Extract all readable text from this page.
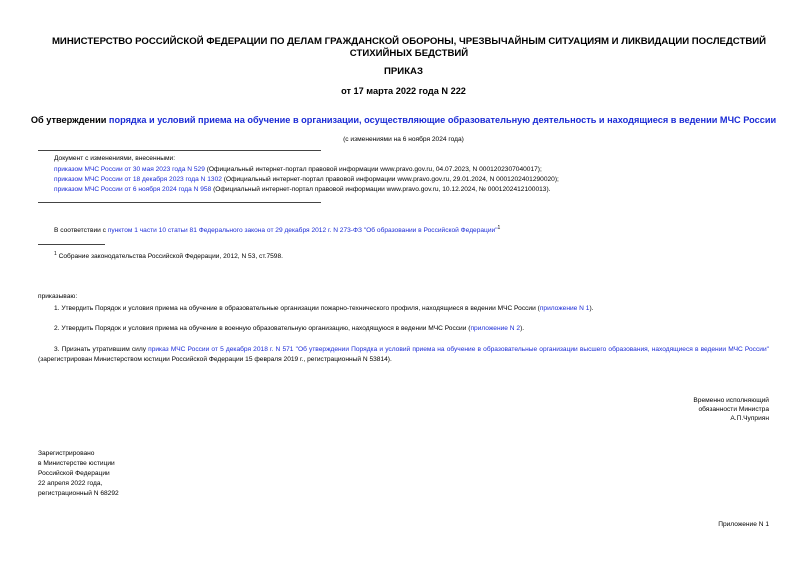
МИНИСТЕРСТВО РОССИЙСКОЙ ФЕДЕРАЦИИ ПО ДЕЛАМ ГРАЖДАНСКОЙ ОБОРОНЫ, ЧРЕЗВЫЧАЙНЫМ СИТУАЦИЯМ И ЛИКВИДАЦИИ ПОСЛЕДСТВИЙ СТИХИЙНЫХ БЕДСТВИЙ
ПРИКАЗ
от 17 марта 2022 года N 222
Об утверждении порядка и условий приема на обучение в организации, осуществляющие образовательную деятельность и находящиеся в ведении МЧС России
(с изменениями на 6 ноября 2024 года)
Документ с изменениями, внесенными:
приказом МЧС России от 30 мая 2023 года N 529 (Официальный интернет-портал правовой информации www.pravo.gov.ru, 04.07.2023, N 0001202307040017);
приказом МЧС России от 18 декабря 2023 года N 1302 (Официальный интернет-портал правовой информации www.pravo.gov.ru, 29.01.2024, N 0001202401290020);
приказом МЧС России от 6 ноября 2024 года N 958 (Официальный интернет-портал правовой информации www.pravo.gov.ru, 10.12.2024, № 0001202412100013).
В соответствии с пунктом 1 части 10 статьи 81 Федерального закона от 29 декабря 2012 г. N 273-ФЗ "Об образовании в Российской Федерации"$^1$
$^1$ Собрание законодательства Российской Федерации, 2012, N 53, ст.7598.
приказываю:
1. Утвердить Порядок и условия приема на обучение в образовательные организации пожарно-технического профиля, находящиеся в ведении МЧС России (приложение N 1).
2. Утвердить Порядок и условия приема на обучение в военную образовательную организацию, находящуюся в ведении МЧС России (приложение N 2).
3. Признать утратившим силу приказ МЧС России от 5 декабря 2018 г. N 571 "Об утверждении Порядка и условий приема на обучение в образовательные организации высшего образования, находящиеся в ведении МЧС России" (зарегистрирован Министерством юстиции Российской Федерации 15 февраля 2019 г., регистрационный N 53814).
Временно исполняющий
обязанности Министра
А.П.Чуприян
Зарегистрировано
в Министерстве юстиции
Российской Федерации
22 апреля 2022 года,
регистрационный N 68292
Приложение N 1
